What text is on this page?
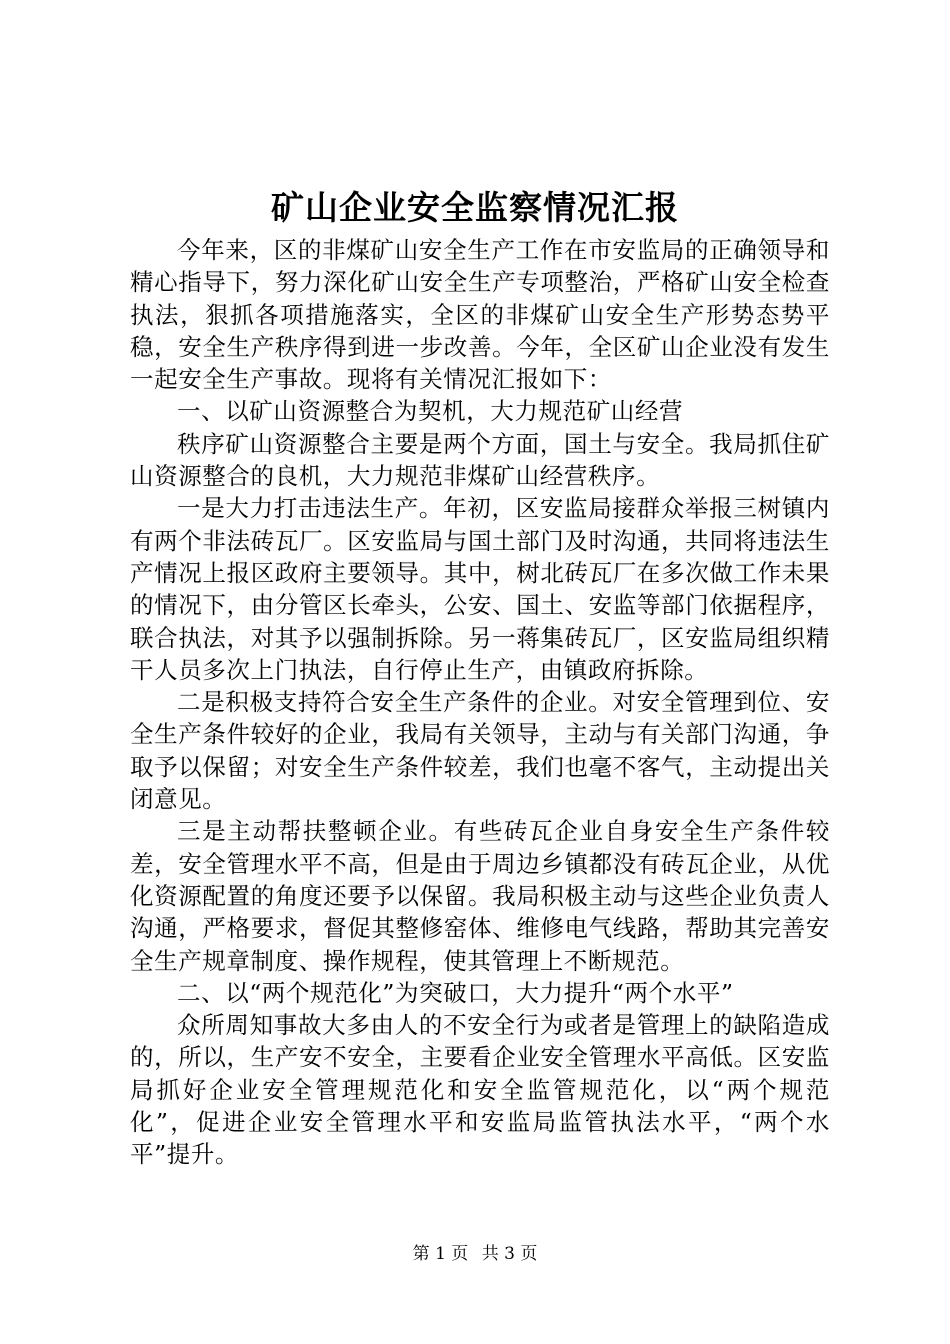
矿山企业安全监察情况汇报

今年来，区的非煤矿山安全生产工作在市安监局的正确领导和精心指导下，努力深化矿山安全生产专项整治，严格矿山安全检查执法，狠抓各项措施落实，全区的非煤矿山安全生产形势态势平稳，安全生产秩序得到进一步改善。今年，全区矿山企业没有发生一起安全生产事故。现将有关情况汇报如下：

一、以矿山资源整合为契机，大力规范矿山经营

秩序矿山资源整合主要是两个方面，国土与安全。我局抓住矿山资源整合的良机，大力规范非煤矿山经营秩序。

一是大力打击违法生产。年初，区安监局接群众举报三树镇内有两个非法砖瓦厂。区安监局与国土部门及时沟通，共同将违法生产情况上报区政府主要领导。其中，树北砖瓦厂在多次做工作未果的情况下，由分管区长牵头，公安、国土、安监等部门依据程序，联合执法，对其予以强制拆除。另一蒋集砖瓦厂，区安监局组织精干人员多次上门执法，自行停止生产，由镇政府拆除。

二是积极支持符合安全生产条件的企业。对安全管理到位、安全生产条件较好的企业，我局有关领导，主动与有关部门沟通，争取予以保留；对安全生产条件较差，我们也毫不客气，主动提出关闭意见。

三是主动帮扶整顿企业。有些砖瓦企业自身安全生产条件较差，安全管理水平不高，但是由于周边乡镇都没有砖瓦企业，从优化资源配置的角度还要予以保留。我局积极主动与这些企业负责人沟通，严格要求，督促其整修窑体、维修电气线路，帮助其完善安全生产规章制度、操作规程，使其管理上不断规范。

二、以“两个规范化”为突破口，大力提升“两个水平”

众所周知事故大多由人的不安全行为或者是管理上的缺陷造成的，所以，生产安不安全，主要看企业安全管理水平高低。区安监局抓好企业安全管理规范化和安全监管规范化，以“两个规范化”，促进企业安全管理水平和安监局监管执法水平，“两个水平”提升。

第 1 页 共 3 页
